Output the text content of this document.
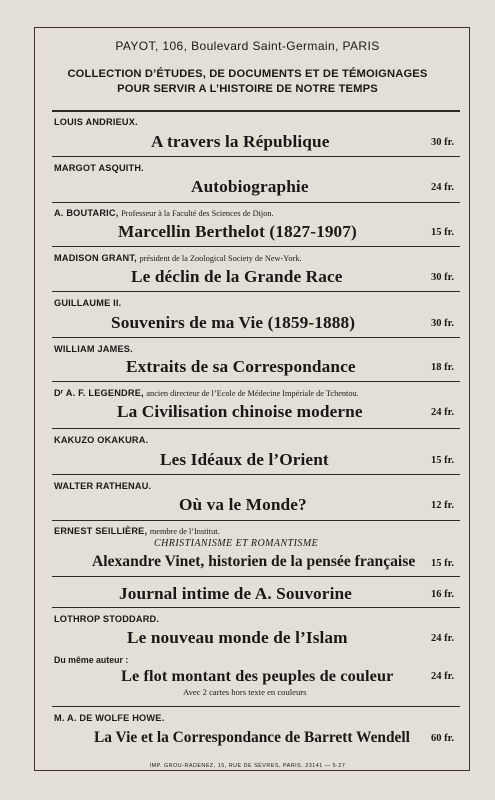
PAYOT, 106, Boulevard Saint-Germain, PARIS
COLLECTION D’ÉTUDES, DE DOCUMENTS ET DE TÉMOIGNAGES
POUR SERVIR A L’HISTOIRE DE NOTRE TEMPS
LOUIS ANDRIEUX.
A travers la République	30 fr.
MARGOT ASQUITH.
Autobiographie	24 fr.
A. BOUTARIC, Professeur à la Faculté des Sciences de Dijon.
Marcellin Berthelot (1827-1907)	15 fr.
MADISON GRANT, président de la Zoological Society de New-York.
Le déclin de la Grande Race	30 fr.
GUILLAUME II.
Souvenirs de ma Vie (1859-1888)	30 fr.
WILLIAM JAMES.
Extraits de sa Correspondance	18 fr.
Dʳ A. F. LEGENDRE, ancien directeur de l’Ecole de Médecine Impériale de Tchentou.
La Civilisation chinoise moderne	24 fr.
KAKUZO OKAKURA.
Les Idéaux de l’Orient	15 fr.
WALTER RATHENAU.
Où va le Monde?	12 fr.
ERNEST SEILLIÈRE, membre de l’Institut.
CHRISTIANISME ET ROMANTISME
Alexandre Vinet, historien de la pensée française 15 fr.
Journal intime de A. Souvorine	16 fr.
LOTHROP STODDARD.
Le nouveau monde de l’Islam	24 fr.
Du même auteur :
Le flot montant des peuples de couleur	24 fr.
Avec 2 cartes hors texte en couleurs
M. A. DE WOLFE HOWE.
La Vie et la Correspondance de Barrett Wendell 60 fr.
IMP. GROU-RADENEZ, 15, RUE DE SÈVRES, PARIS. 23141 — 5-27
